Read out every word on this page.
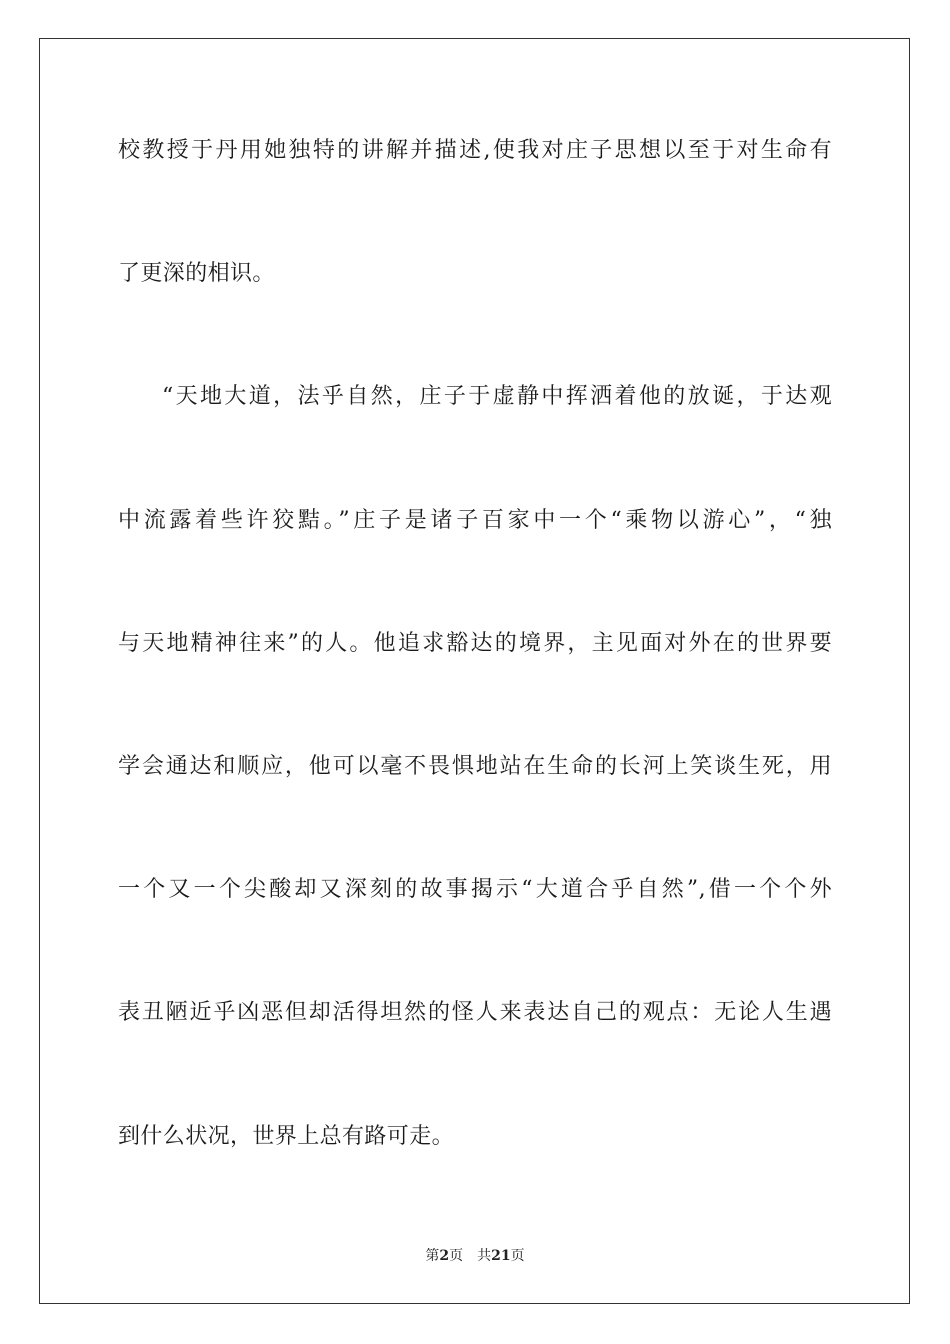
校教授于丹用她独特的讲解并描述,使我对庄子思想以至于对生命有
了更深的相识。
“天地大道，法乎自然，庄子于虚静中挥洒着他的放诞，于达观
中流露着些许狡黠。”庄子是诸子百家中一个“乘物以游心”，“独
与天地精神往来”的人。他追求豁达的境界，主见面对外在的世界要
学会通达和顺应，他可以毫不畏惧地站在生命的长河上笑谈生死，用
一个又一个尖酸却又深刻的故事揭示“大道合乎自然”,借一个个外
表丑陋近乎凶恶但却活得坦然的怪人来表达自己的观点：无论人生遇
到什么状况，世界上总有路可走。
第2页 共21页
